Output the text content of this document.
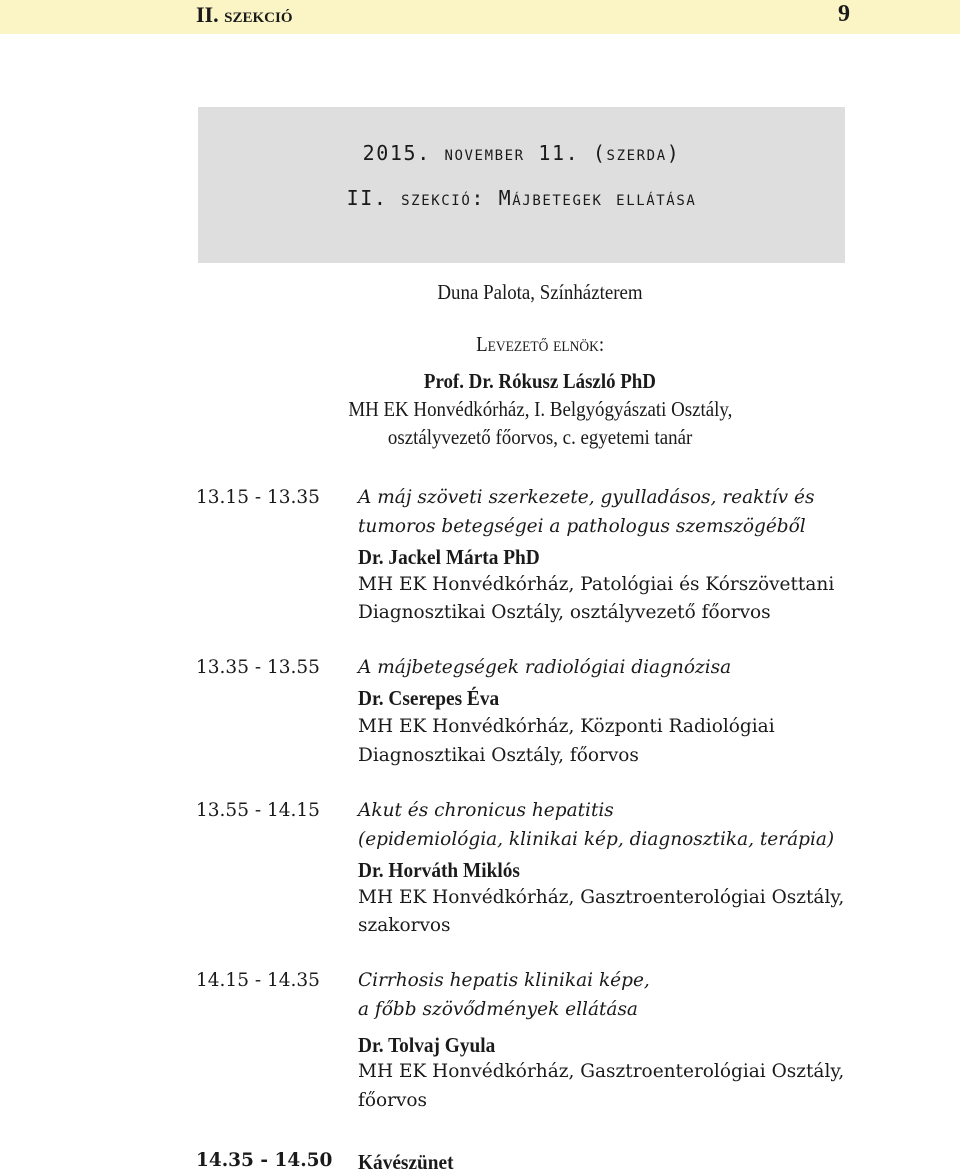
II. szekció	9
2015. november 11. (szerda)
II. szekció: Májbetegek ellátása
Duna Palota, Színházterem
Levezető elnök:
Prof. Dr. Rókusz László PhD
MH EK Honvédkórház, I. Belgyógyászati Osztály,
osztályvezető főorvos, c. egyetemi tanár
13.15 - 13.35 A máj szöveti szerkezete, gyulladásos, reaktív és
tumoros betegségei a pathologus szemszögéből
Dr. Jackel Márta PhD
MH EK Honvédkórház, Patológiai és Kórszövettani
Diagnosztikai Osztály, osztályvezető főorvos
13.35 - 13.55 A májbetegségek radiológiai diagnózisa
Dr. Cserepes Éva
MH EK Honvédkórház, Központi Radiológiai
Diagnosztikai Osztály, főorvos
13.55 - 14.15 Akut és chronicus hepatitis
(epidemiológia, klinikai kép, diagnosztika, terápia)
Dr. Horváth Miklós
MH EK Honvédkórház, Gasztroenterológiai Osztály,
szakorvos
14.15 - 14.35 Cirrhosis hepatis klinikai képe,
a főbb szövődmények ellátása
Dr. Tolvaj Gyula
MH EK Honvédkórház, Gasztroenterológiai Osztály,
főorvos
14.35 - 14.50 Kávészünet
